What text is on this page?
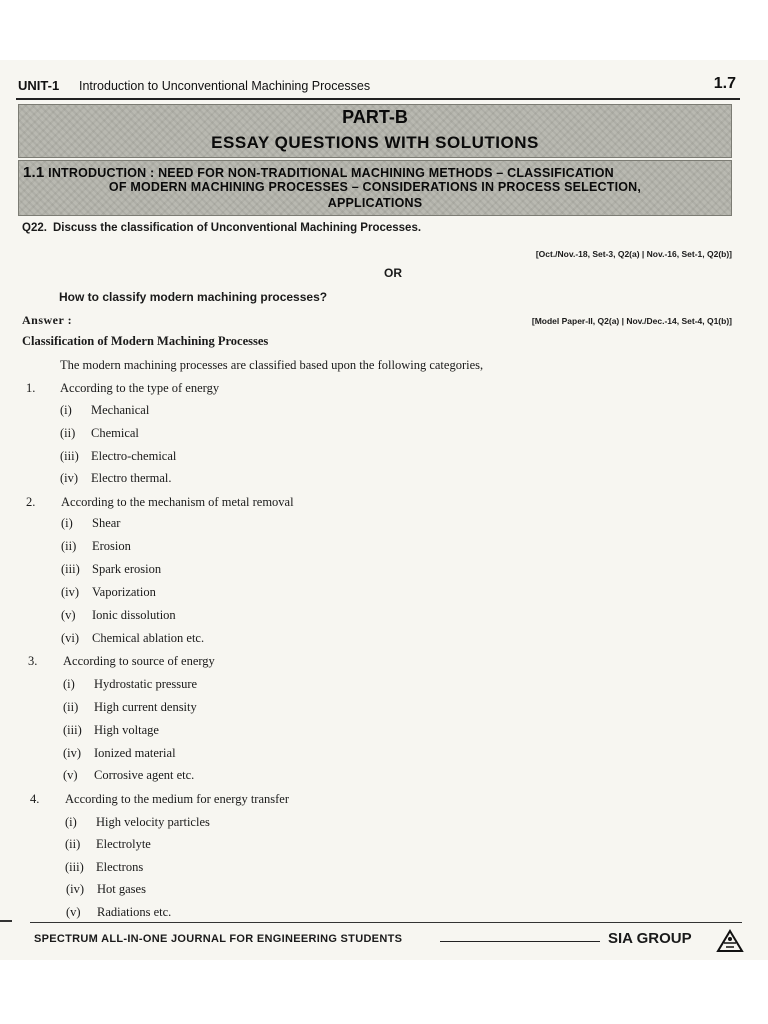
UNIT-1 Introduction to Unconventional Machining Processes	1.7
PART-B
ESSAY QUESTIONS WITH SOLUTIONS
1.1 INTRODUCTION : NEED FOR NON-TRADITIONAL MACHINING METHODS – CLASSIFICATION
OF MODERN MACHINING PROCESSES – CONSIDERATIONS IN PROCESS SELECTION,
APPLICATIONS
Q22. Discuss the classification of Unconventional Machining Processes.
[Oct./Nov.-18, Set-3, Q2(a) | Nov.-16, Set-1, Q2(b)]
OR
How to classify modern machining processes?
Answer :	[Model Paper-II, Q2(a) | Nov./Dec.-14, Set-4, Q1(b)]
Classification of Modern Machining Processes
The modern machining processes are classified based upon the following categories,
1. According to the type of energy
(i) Mechanical
(ii) Chemical
(iii) Electro-chemical
(iv) Electro thermal.
2. According to the mechanism of metal removal
(i) Shear
(ii) Erosion
(iii) Spark erosion
(iv) Vaporization
(v) Ionic dissolution
(vi) Chemical ablation etc.
3. According to source of energy
(i) Hydrostatic pressure
(ii) High current density
(iii) High voltage
(iv) Ionized material
(v) Corrosive agent etc.
4. According to the medium for energy transfer
(i) High velocity particles
(ii) Electrolyte
(iii) Electrons
(iv) Hot gases
(v) Radiations etc.
SPECTRUM ALL-IN-ONE JOURNAL FOR ENGINEERING STUDENTS	SIA GROUP
